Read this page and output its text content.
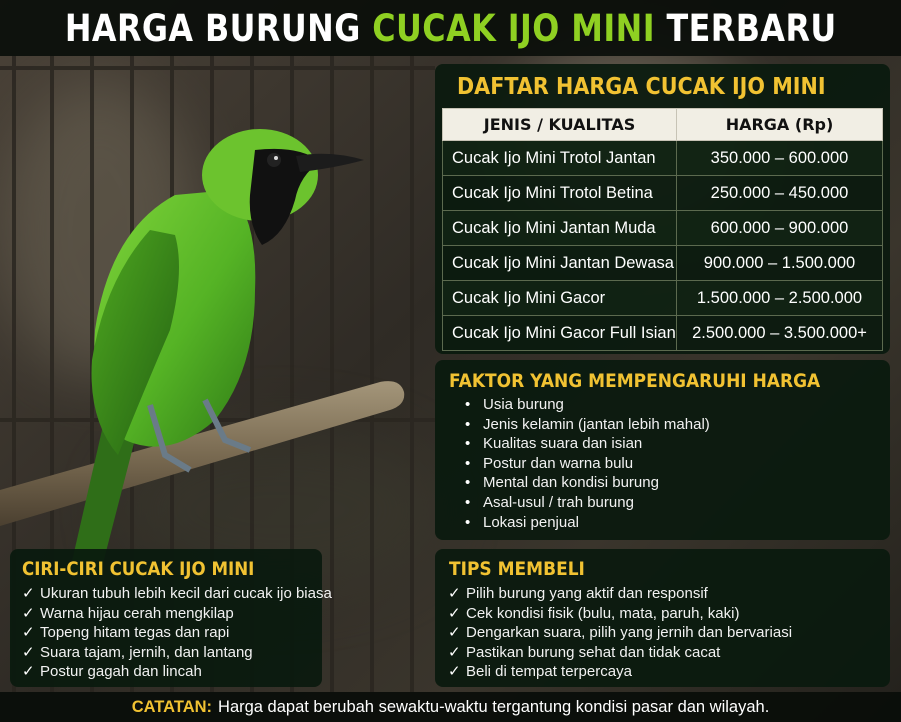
HARGA BURUNG CUCAK IJO MINI TERBARU
DAFTAR HARGA CUCAK IJO MINI
JENIS / KUALITAS	HARGA (Rp)
Cucak Ijo Mini Trotol Jantan	350.000 – 600.000
Cucak Ijo Mini Trotol Betina	250.000 – 450.000
Cucak Ijo Mini Jantan Muda	600.000 – 900.000
Cucak Ijo Mini Jantan Dewasa	900.000 – 1.500.000
Cucak Ijo Mini Gacor	1.500.000 – 2.500.000
Cucak Ijo Mini Gacor Full Isian	2.500.000 – 3.500.000+
FAKTOR YANG MEMPENGARUHI HARGA
• Usia burung
• Jenis kelamin (jantan lebih mahal)
• Kualitas suara dan isian
• Postur dan warna bulu
• Mental dan kondisi burung
• Asal-usul / trah burung
• Lokasi penjual
CIRI-CIRI CUCAK IJO MINI
✓ Ukuran tubuh lebih kecil dari cucak ijo biasa
✓ Warna hijau cerah mengkilap
✓ Topeng hitam tegas dan rapi
✓ Suara tajam, jernih, dan lantang
✓ Postur gagah dan lincah
TIPS MEMBELI
✓ Pilih burung yang aktif dan responsif
✓ Cek kondisi fisik (bulu, mata, paruh, kaki)
✓ Dengarkan suara, pilih yang jernih dan bervariasi
✓ Pastikan burung sehat dan tidak cacat
✓ Beli di tempat terpercaya
CATATAN: Harga dapat berubah sewaktu-waktu tergantung kondisi pasar dan wilayah.
